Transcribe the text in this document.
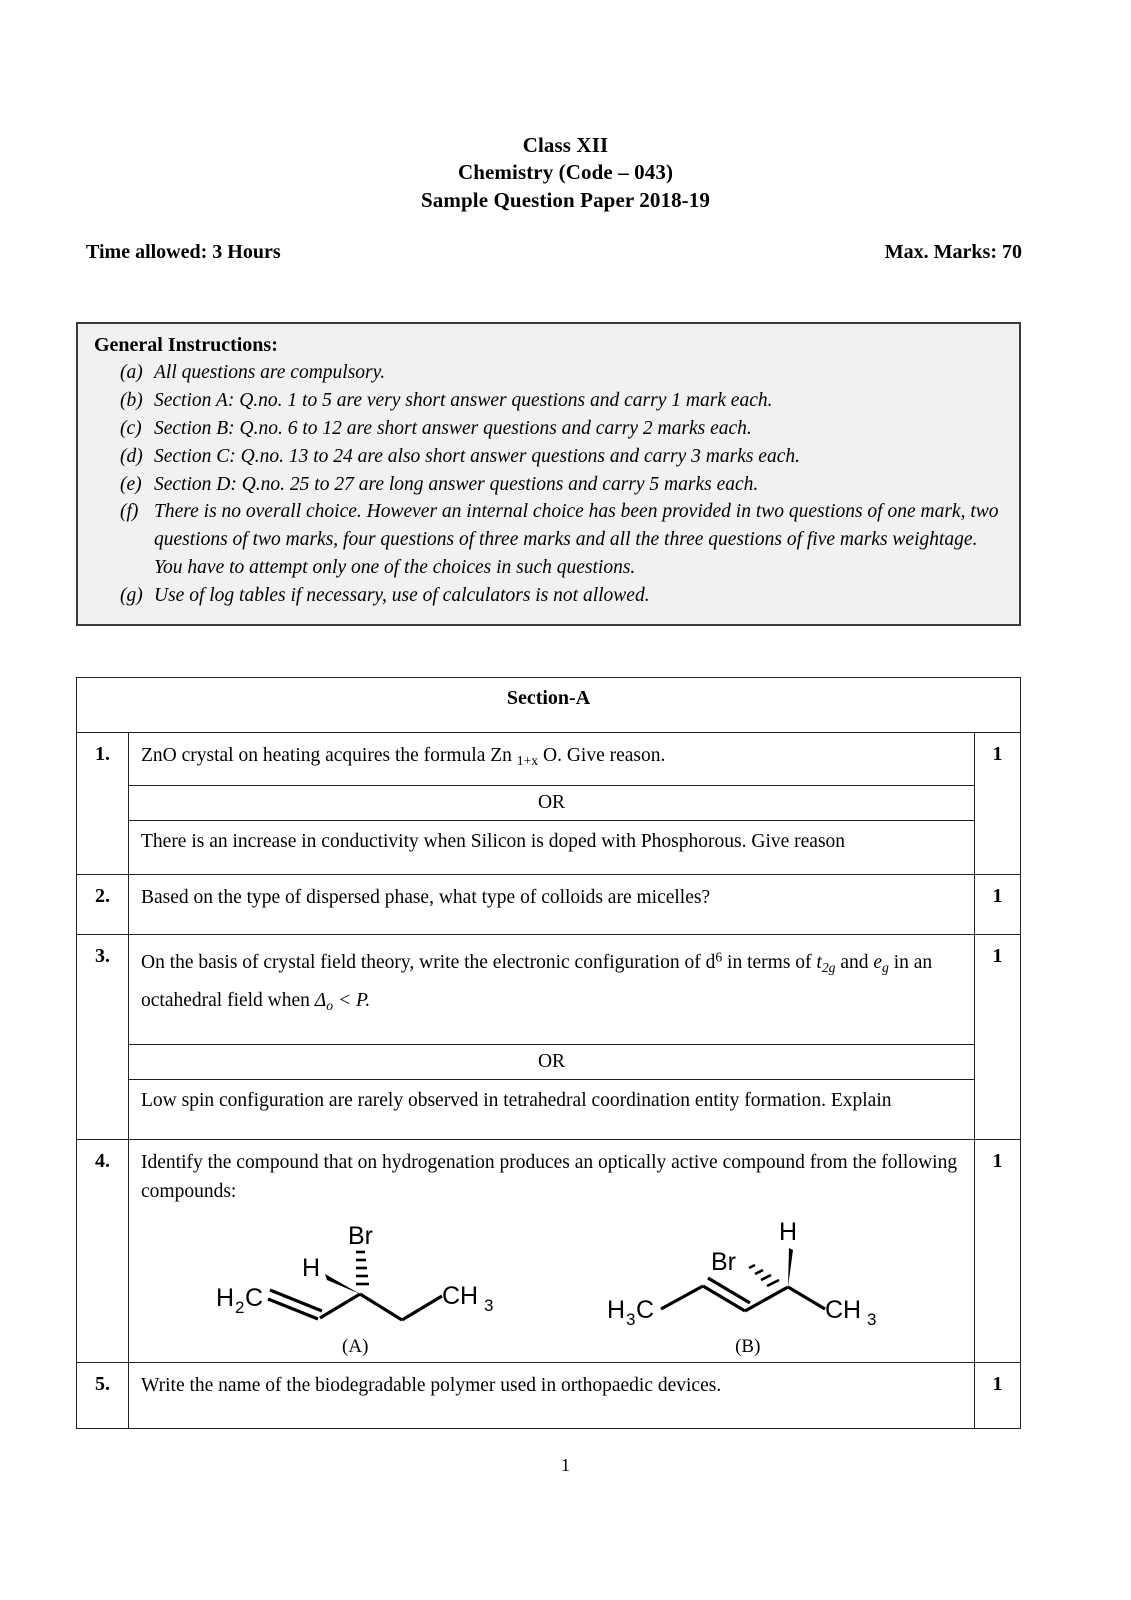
Class XII
Chemistry (Code – 043)
Sample Question Paper 2018-19
Time allowed: 3 Hours	Max. Marks: 70
General Instructions:
(a) All questions are compulsory.
(b) Section A: Q.no. 1 to 5 are very short answer questions and carry 1 mark each.
(c) Section B: Q.no. 6 to 12 are short answer questions and carry 2 marks each.
(d) Section C: Q.no. 13 to 24 are also short answer questions and carry 3 marks each.
(e) Section D: Q.no. 25 to 27 are long answer questions and carry 5 marks each.
(f) There is no overall choice. However an internal choice has been provided in two questions of one mark, two questions of two marks, four questions of three marks and all the three questions of five marks weightage. You have to attempt only one of the choices in such questions.
(g) Use of log tables if necessary, use of calculators is not allowed.
Section-A
1.	ZnO crystal on heating acquires the formula Zn $_{1+x}$ O. Give reason.
OR
There is an increase in conductivity when Silicon is doped with Phosphorous. Give reason
	1
2.	Based on the type of dispersed phase, what type of colloids are micelles?	1
3.	On the basis of crystal field theory, write the electronic configuration of $d^6$ in terms of $t_{2g}$ and $e_g$ in an octahedral field when $\Delta_o < P$.
OR
Low spin configuration are rarely observed in tetrahedral coordination entity formation. Explain
	1
4.	Identify the compound that on hydrogenation produces an optically active compound from the following compounds:
H 2 C	CH 3
H
Br
(A)
H 3 C	CH 3
H
Br
(B)
	1
5.	Write the name of the biodegradable polymer used in orthopaedic devices.	1
1
